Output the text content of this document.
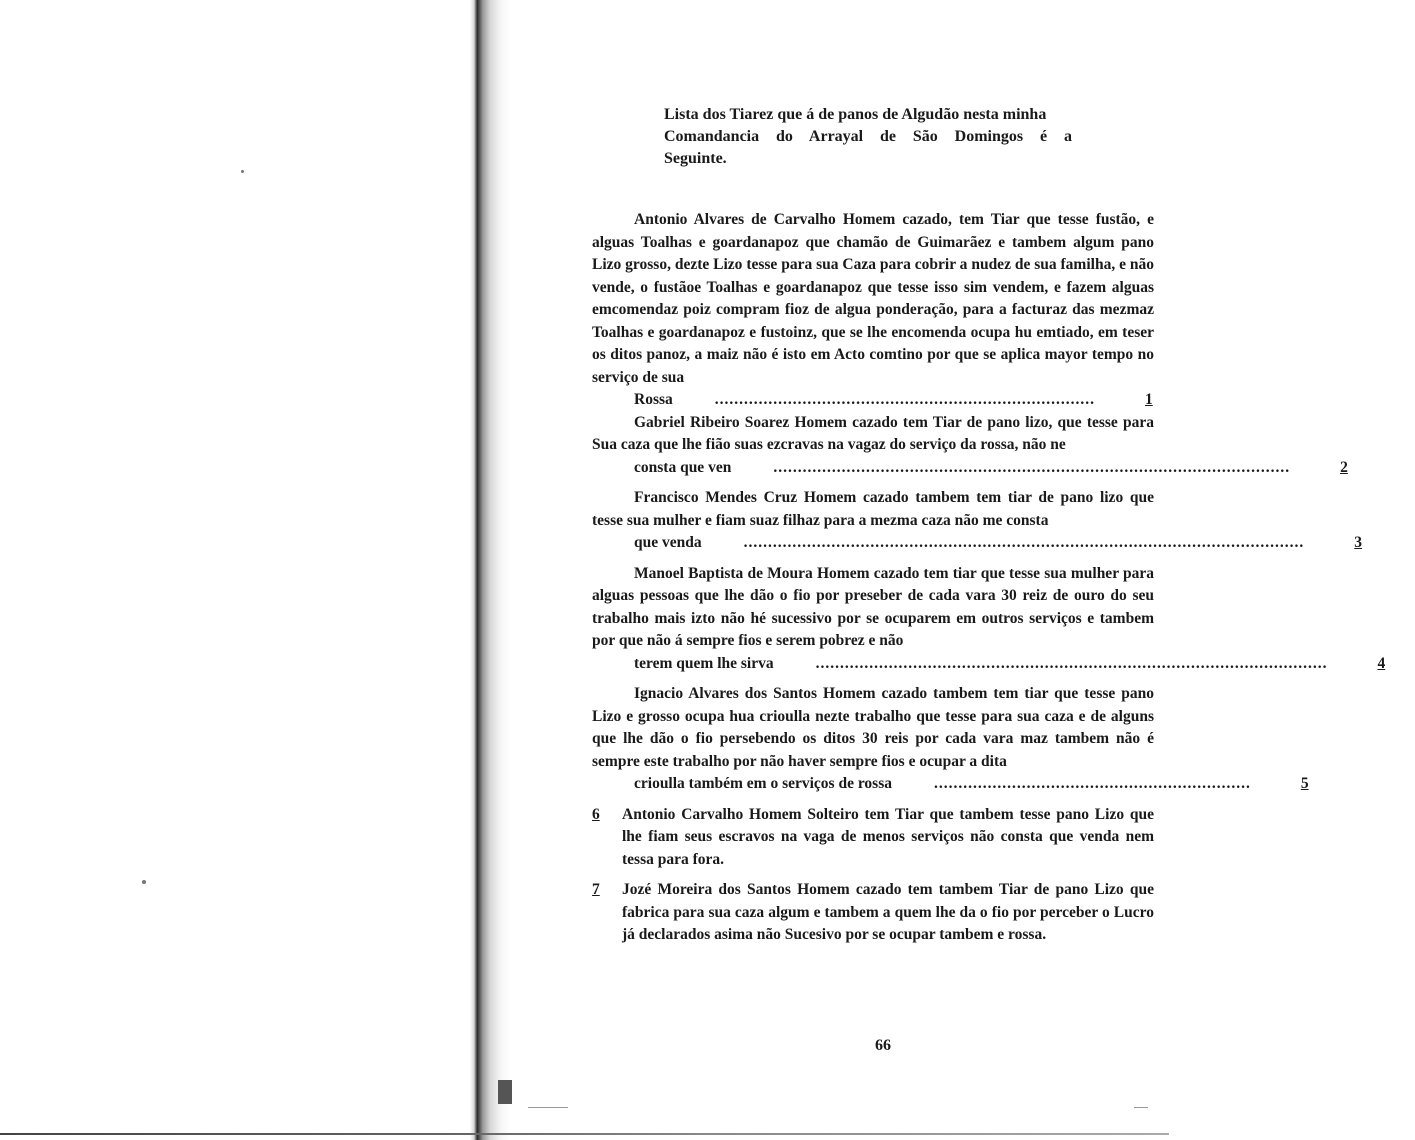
Lista dos Tiarez que á de panos de Algudão nesta minha
Comandancia do Arrayal de São Domingos é a
Seguinte.
Antonio Alvares de Carvalho Homem cazado, tem Tiar que tesse fustão, e alguas Toalhas e goardanapoz que chamão de Guimarãez e tambem algum pano Lizo grosso, dezte Lizo tesse para sua Caza para cobrir a nudez de sua familha, e não vende, o fustãoe Toalhas e goardanapoz que tesse isso sim vendem, e fazem alguas emcomendaz poiz compram fioz de algua ponderação, para a facturaz das mezmaz Toalhas e goardanapoz e fustoinz, que se lhe encomenda ocupa hu emtiado, em teser os ditos panoz, a maiz não é isto em Acto comtino por que se aplica mayor tempo no serviço de sua
Rossa	..............................................................................	1
Gabriel Ribeiro Soarez Homem cazado tem Tiar de pano lizo, que tesse para Sua caza que lhe fião suas ezcravas na vagaz do serviço da rossa, não ne
consta que ven	..........................................................................................................	2
Francisco Mendes Cruz Homem cazado tambem tem tiar de pano lizo que tesse sua mulher e fiam suaz filhaz para a mezma caza não me consta
que venda	...................................................................................................................	3
Manoel Baptista de Moura Homem cazado tem tiar que tesse sua mulher para alguas pessoas que lhe dão o fio por preseber de cada vara 30 reiz de ouro do seu trabalho mais izto não hé sucessivo por se ocuparem em outros serviços e tambem por que não á sempre fios e serem pobrez e não
terem quem lhe sirva	.........................................................................................................	4
Ignacio Alvares dos Santos Homem cazado tambem tem tiar que tesse pano Lizo e grosso ocupa hua crioulla nezte trabalho que tesse para sua caza e de alguns que lhe dão o fio persebendo os ditos 30 reis por cada vara maz tambem não é sempre este trabalho por não haver sempre fios e ocupar a dita
crioulla também em o serviços de rossa	.................................................................	5
6	Antonio Carvalho Homem Solteiro tem Tiar que tambem tesse pano Lizo que lhe fiam seus escravos na vaga de menos serviços não consta que venda nem tessa para fora.
7	Jozé Moreira dos Santos Homem cazado tem tambem Tiar de pano Lizo que fabrica para sua caza algum e tambem a quem lhe da o fio por perceber o Lucro já declarados asima não Sucesivo por se ocupar tambem e rossa.
66
